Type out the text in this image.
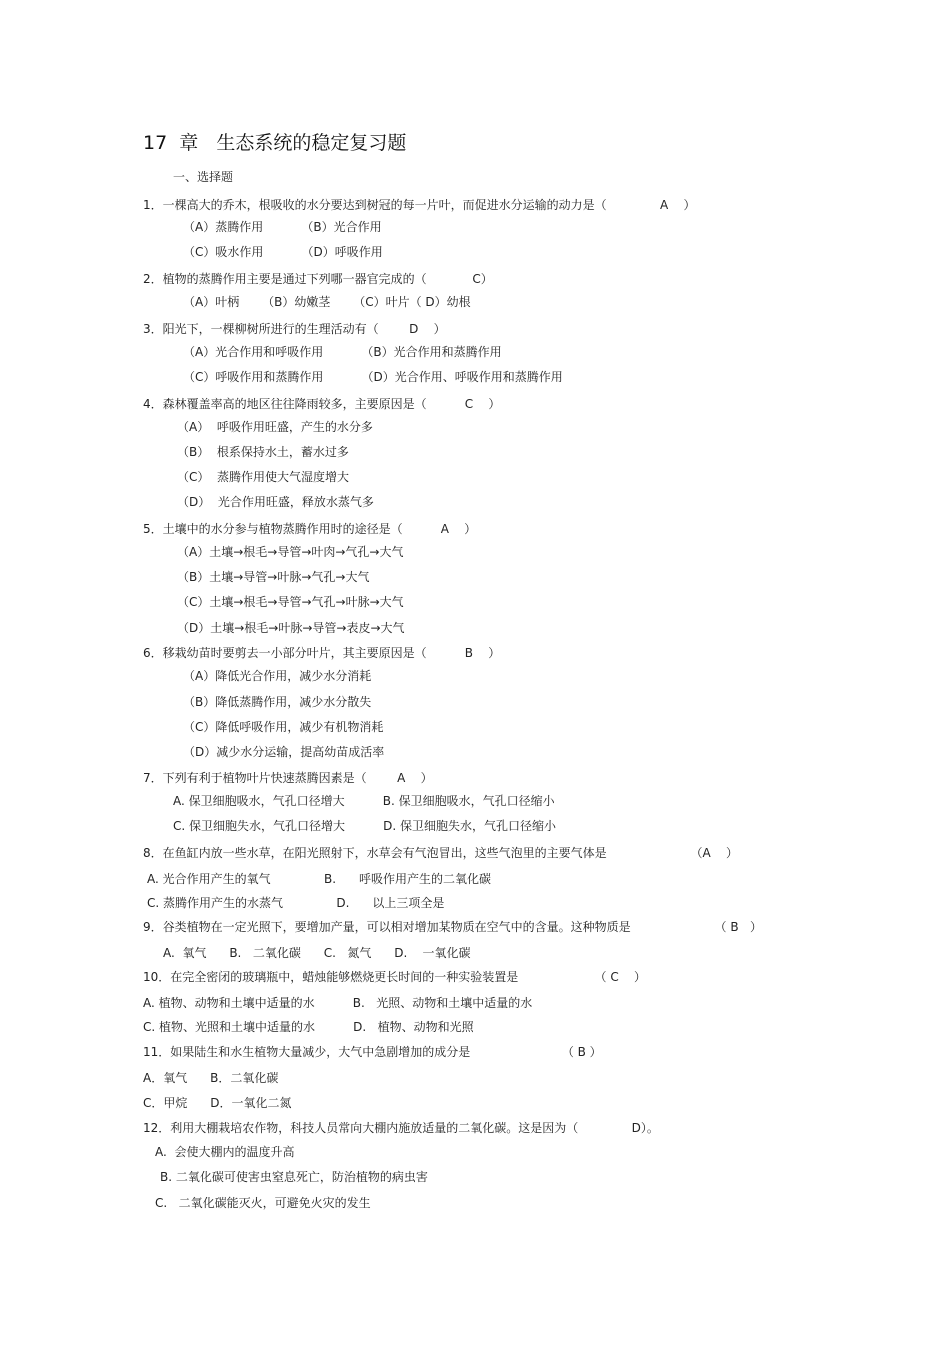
17  章   生态系统的稳定复习题
一、选择题
1．一棵高大的乔木，根吸收的水分要达到树冠的每一片叶，而促进水分运输的动力是（              A    ）
（A）蒸腾作用          （B）光合作用
（C）吸水作用          （D）呼吸作用
2．植物的蒸腾作用主要是通过下列哪一器官完成的（            C）
（A）叶柄      （B）幼嫩茎      （C）叶片（ D）幼根
3．阳光下，一棵柳树所进行的生理活动有（        D    ）
（A）光合作用和呼吸作用          （B）光合作用和蒸腾作用
（C）呼吸作用和蒸腾作用          （D）光合作用、呼吸作用和蒸腾作用
4．森林覆盖率高的地区往往降雨较多，主要原因是（          C    ）
（A）  呼吸作用旺盛，产生的水分多
（B）  根系保持水土，蓄水过多
（C）  蒸腾作用使大气湿度增大
（D）  光合作用旺盛，释放水蒸气多
5．土壤中的水分参与植物蒸腾作用时的途径是（          A    ）
（A）土壤→根毛→导管→叶肉→气孔→大气
（B）土壤→导管→叶脉→气孔→大气
（C）土壤→根毛→导管→气孔→叶脉→大气
（D）土壤→根毛→叶脉→导管→表皮→大气
6．移栽幼苗时要剪去一小部分叶片，其主要原因是（          B    ）
（A）降低光合作用，减少水分消耗
（B）降低蒸腾作用，减少水分散失
（C）降低呼吸作用，减少有机物消耗
（D）减少水分运输，提高幼苗成活率
7．下列有利于植物叶片快速蒸腾因素是（        A    ）
A. 保卫细胞吸水，气孔口径增大          B. 保卫细胞吸水，气孔口径缩小
C. 保卫细胞失水，气孔口径增大          D. 保卫细胞失水，气孔口径缩小
8．在鱼缸内放一些水草，在阳光照射下，水草会有气泡冒出，这些气泡里的主要气体是                      （A    ）
A. 光合作用产生的氧气              B.      呼吸作用产生的二氧化碳
C. 蒸腾作用产生的水蒸气              D.      以上三项全是
9．谷类植物在一定光照下，要增加产量，可以相对增加某物质在空气中的含量。这种物质是                      （ B   ）
A.  氧气      B.   二氧化碳      C.   氮气      D.    一氧化碳
10．在完全密闭的玻璃瓶中，蜡烛能够燃烧更长时间的一种实验装置是                    （ C    ）
A. 植物、动物和土壤中适量的水          B.   光照、动物和土壤中适量的水
C. 植物、光照和土壤中适量的水          D.   植物、动物和光照
11．如果陆生和水生植物大量减少，大气中急剧增加的成分是                        （ B ）
A．氧气      B．二氧化碳
C．甲烷      D．一氧化二氮
12．利用大棚栽培农作物，科技人员常向大棚内施放适量的二氧化碳。这是因为（              D）。
A.  会使大棚内的温度升高
B. 二氧化碳可使害虫窒息死亡，防治植物的病虫害
C.   二氧化碳能灭火，可避免火灾的发生
